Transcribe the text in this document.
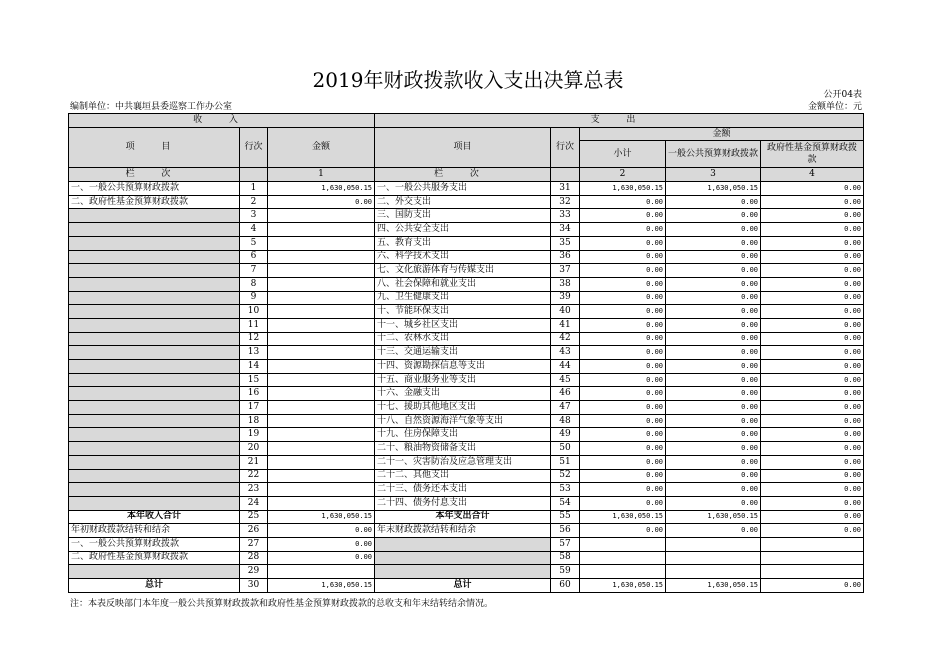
2019年财政拨款收入支出决算总表
公开04表
编制单位：中共襄垣县委巡察工作办公室	金额单位：元
收 入			支 出				
项 目	行次	金额	项目	行次	金额		
					小计	一般公共预算财政拨款	政府性基金预算财政拨款
栏 次		1	栏 次		2	3	4
一、一般公共预算财政拨款	1	1,630,050.15	一、一般公共服务支出	31	1,630,050.15	1,630,050.15	0.00
二、政府性基金预算财政拨款	2	0.00	二、外交支出	32	0.00	0.00	0.00
	3		三、国防支出	33	0.00	0.00	0.00
	4		四、公共安全支出	34	0.00	0.00	0.00
	5		五、教育支出	35	0.00	0.00	0.00
	6		六、科学技术支出	36	0.00	0.00	0.00
	7		七、文化旅游体育与传媒支出	37	0.00	0.00	0.00
	8		八、社会保障和就业支出	38	0.00	0.00	0.00
	9		九、卫生健康支出	39	0.00	0.00	0.00
	10		十、节能环保支出	40	0.00	0.00	0.00
	11		十一、城乡社区支出	41	0.00	0.00	0.00
	12		十二、农林水支出	42	0.00	0.00	0.00
	13		十三、交通运输支出	43	0.00	0.00	0.00
	14		十四、资源勘探信息等支出	44	0.00	0.00	0.00
	15		十五、商业服务业等支出	45	0.00	0.00	0.00
	16		十六、金融支出	46	0.00	0.00	0.00
	17		十七、援助其他地区支出	47	0.00	0.00	0.00
	18		十八、自然资源海洋气象等支出	48	0.00	0.00	0.00
	19		十九、住房保障支出	49	0.00	0.00	0.00
	20		二十、粮油物资储备支出	50	0.00	0.00	0.00
	21		二十一、灾害防治及应急管理支出	51	0.00	0.00	0.00
	22		二十二、其他支出	52	0.00	0.00	0.00
	23		二十三、债务还本支出	53	0.00	0.00	0.00
	24		二十四、债务付息支出	54	0.00	0.00	0.00
本年收入合计	25	1,630,050.15	本年支出合计	55	1,630,050.15	1,630,050.15	0.00
年初财政拨款结转和结余	26	0.00	年末财政拨款结转和结余	56	0.00	0.00	0.00
一、一般公共预算财政拨款	27	0.00		57			
二、政府性基金预算财政拨款	28	0.00		58			
	29			59			
总计	30	1,630,050.15	总计	60	1,630,050.15	1,630,050.15	0.00
注：本表反映部门本年度一般公共预算财政拨款和政府性基金预算财政拨款的总收支和年末结转结余情况。
